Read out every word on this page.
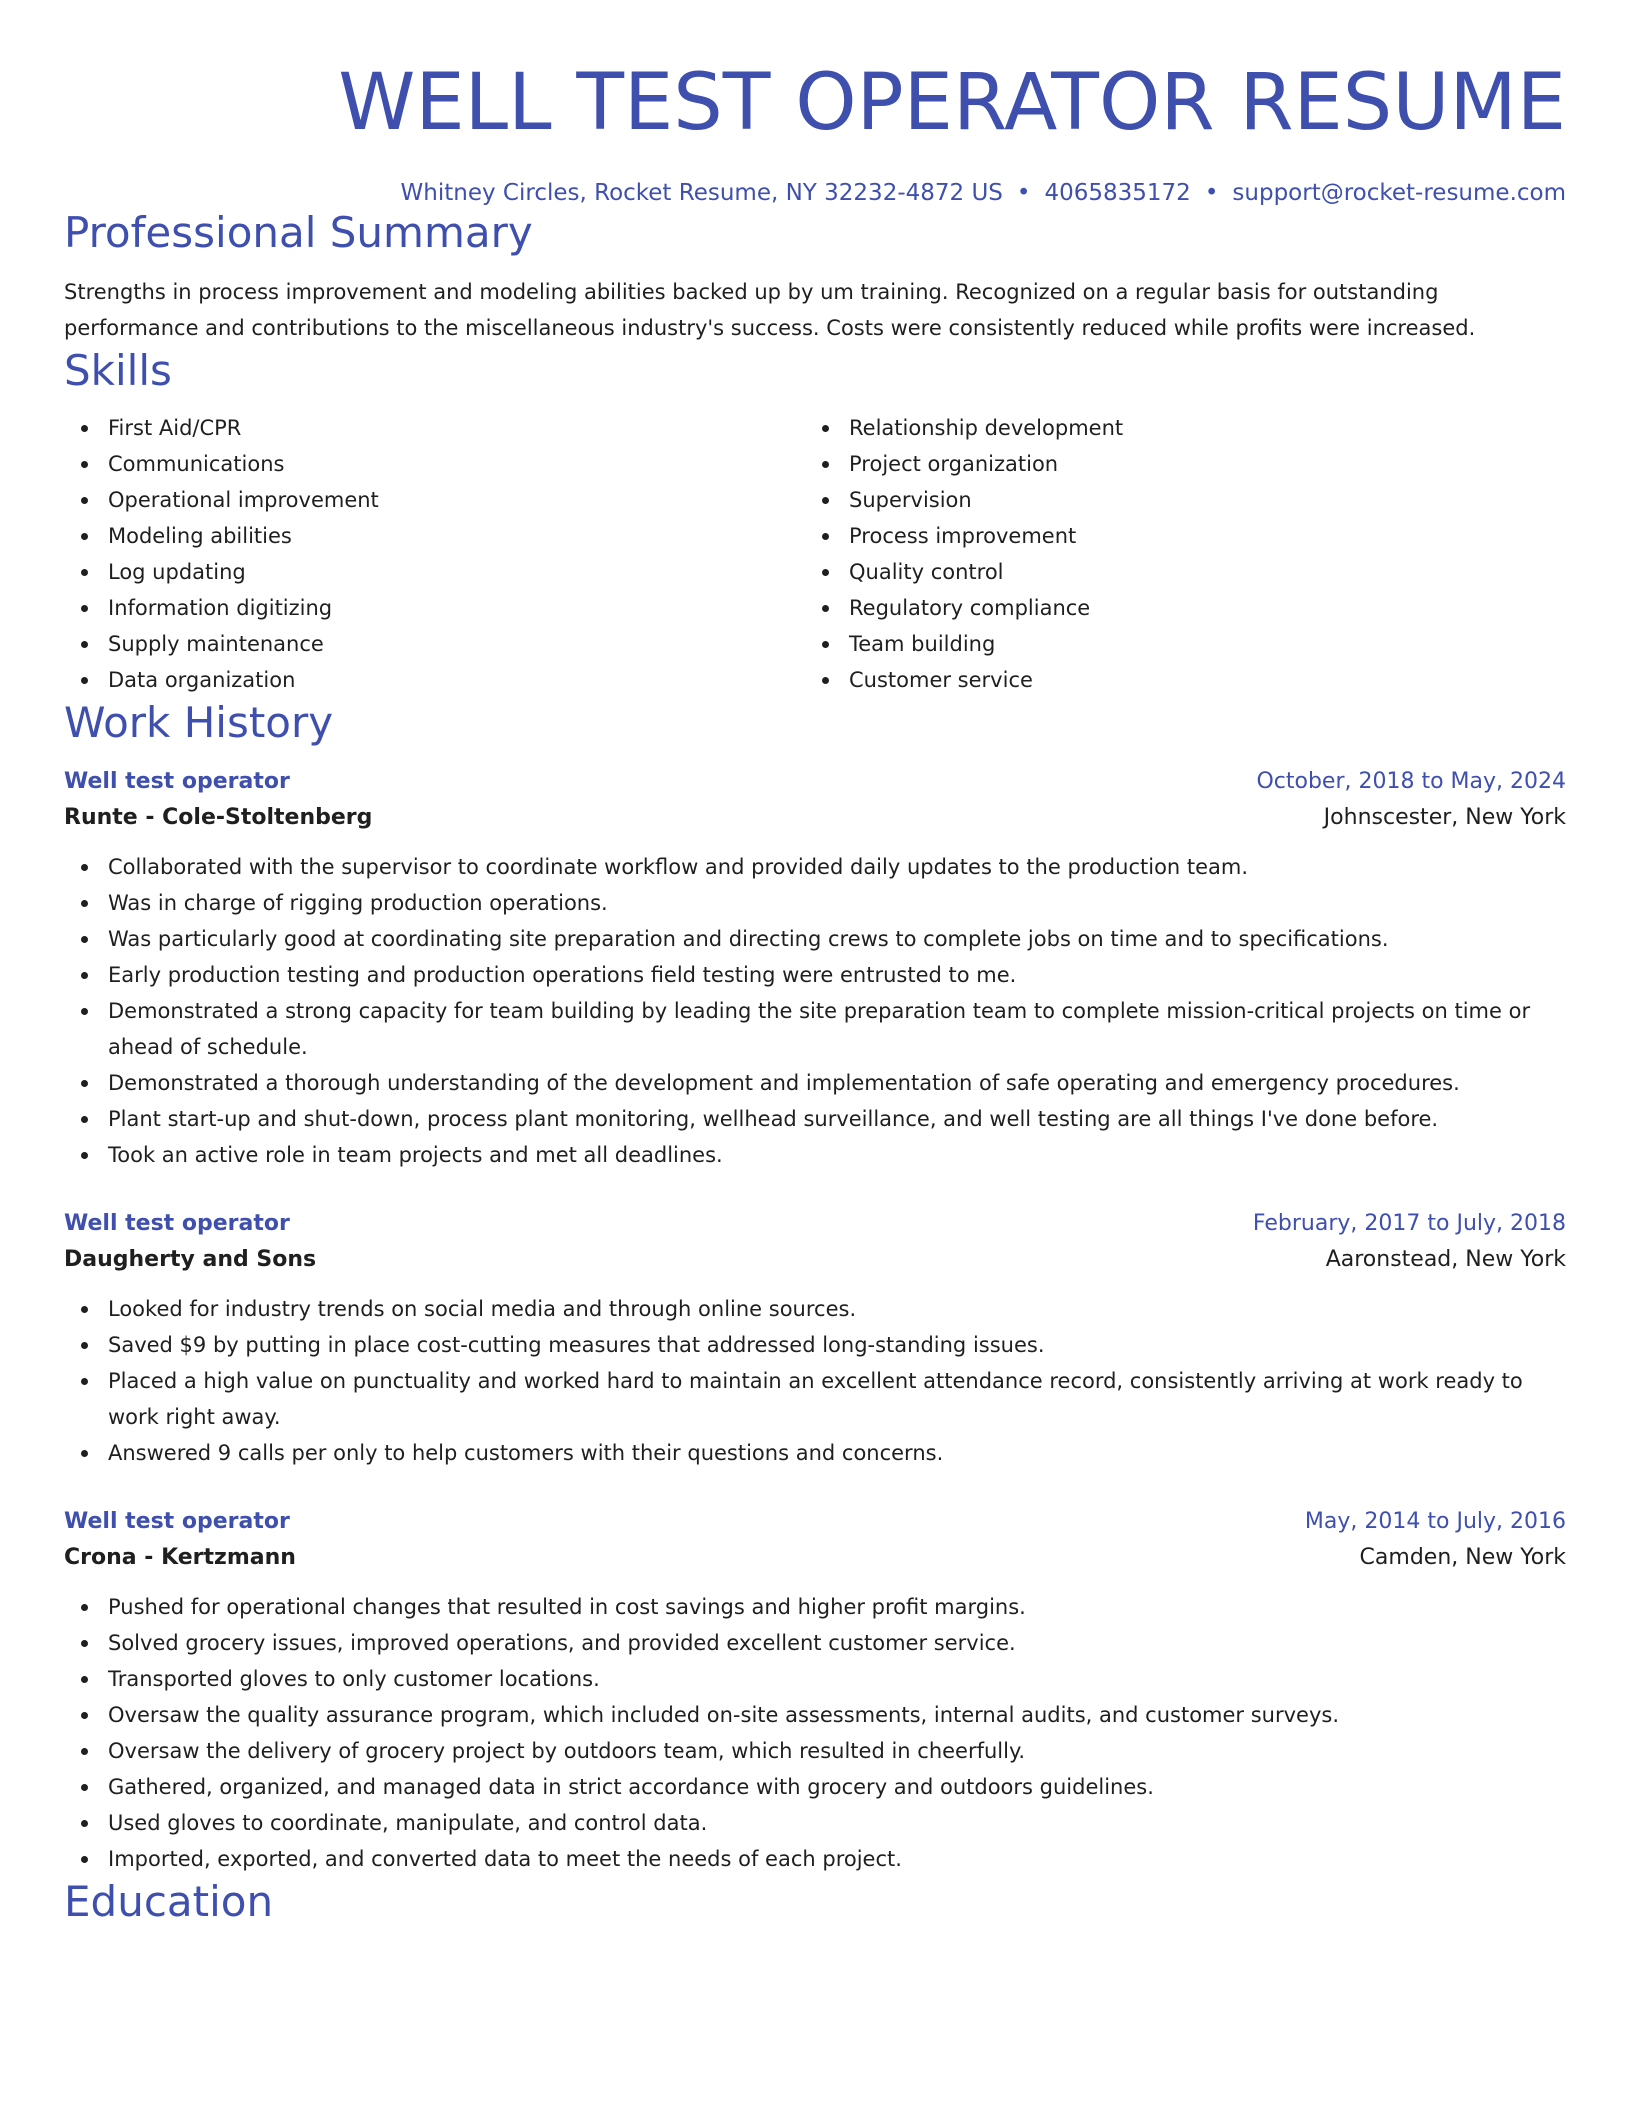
WELL TEST OPERATOR RESUME
Whitney Circles, Rocket Resume, NY 32232-4872 US • 4065835172 • support@rocket-resume.com
Professional Summary
Strengths in process improvement and modeling abilities backed up by um training. Recognized on a regular basis for outstanding performance and contributions to the miscellaneous industry's success. Costs were consistently reduced while profits were increased.
Skills
First Aid/CPR
Communications
Operational improvement
Modeling abilities
Log updating
Information digitizing
Supply maintenance
Data organization
Relationship development
Project organization
Supervision
Process improvement
Quality control
Regulatory compliance
Team building
Customer service
Work History
Well test operator	October, 2018 to May, 2024
Runte - Cole-Stoltenberg	Johnscester, New York
Collaborated with the supervisor to coordinate workflow and provided daily updates to the production team.
Was in charge of rigging production operations.
Was particularly good at coordinating site preparation and directing crews to complete jobs on time and to specifications.
Early production testing and production operations field testing were entrusted to me.
Demonstrated a strong capacity for team building by leading the site preparation team to complete mission-critical projects on time or ahead of schedule.
Demonstrated a thorough understanding of the development and implementation of safe operating and emergency procedures.
Plant start-up and shut-down, process plant monitoring, wellhead surveillance, and well testing are all things I've done before.
Took an active role in team projects and met all deadlines.
Well test operator	February, 2017 to July, 2018
Daugherty and Sons	Aaronstead, New York
Looked for industry trends on social media and through online sources.
Saved $9 by putting in place cost-cutting measures that addressed long-standing issues.
Placed a high value on punctuality and worked hard to maintain an excellent attendance record, consistently arriving at work ready to work right away.
Answered 9 calls per only to help customers with their questions and concerns.
Well test operator	May, 2014 to July, 2016
Crona - Kertzmann	Camden, New York
Pushed for operational changes that resulted in cost savings and higher profit margins.
Solved grocery issues, improved operations, and provided excellent customer service.
Transported gloves to only customer locations.
Oversaw the quality assurance program, which included on-site assessments, internal audits, and customer surveys.
Oversaw the delivery of grocery project by outdoors team, which resulted in cheerfully.
Gathered, organized, and managed data in strict accordance with grocery and outdoors guidelines.
Used gloves to coordinate, manipulate, and control data.
Imported, exported, and converted data to meet the needs of each project.
Education
